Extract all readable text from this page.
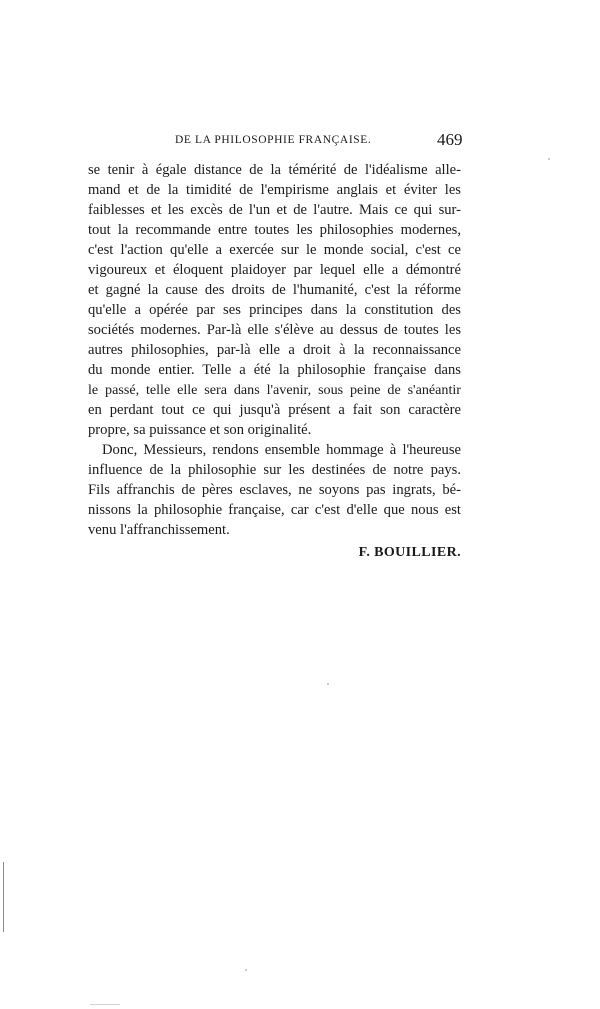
DE LA PHILOSOPHIE FRANÇAISE.	469
se tenir à égale distance de la témérité de l'idéalisme alle-
mand et de la timidité de l'empirisme anglais et éviter les
faiblesses et les excès de l'un et de l'autre. Mais ce qui sur-
tout la recommande entre toutes les philosophies modernes,
c'est l'action qu'elle a exercée sur le monde social, c'est ce
vigoureux et éloquent plaidoyer par lequel elle a démontré
et gagné la cause des droits de l'humanité, c'est la réforme
qu'elle a opérée par ses principes dans la constitution des
sociétés modernes. Par-là elle s'élève au dessus de toutes les
autres philosophies, par-là elle a droit à la reconnaissance
du monde entier. Telle a été la philosophie française dans
le passé, telle elle sera dans l'avenir, sous peine de s'anéantir
en perdant tout ce qui jusqu'à présent a fait son caractère
propre, sa puissance et son originalité.
Donc, Messieurs, rendons ensemble hommage à l'heureuse
influence de la philosophie sur les destinées de notre pays.
Fils affranchis de pères esclaves, ne soyons pas ingrats, bé-
nissons la philosophie française, car c'est d'elle que nous est
venu l'affranchissement.
F. BOUILLIER.
